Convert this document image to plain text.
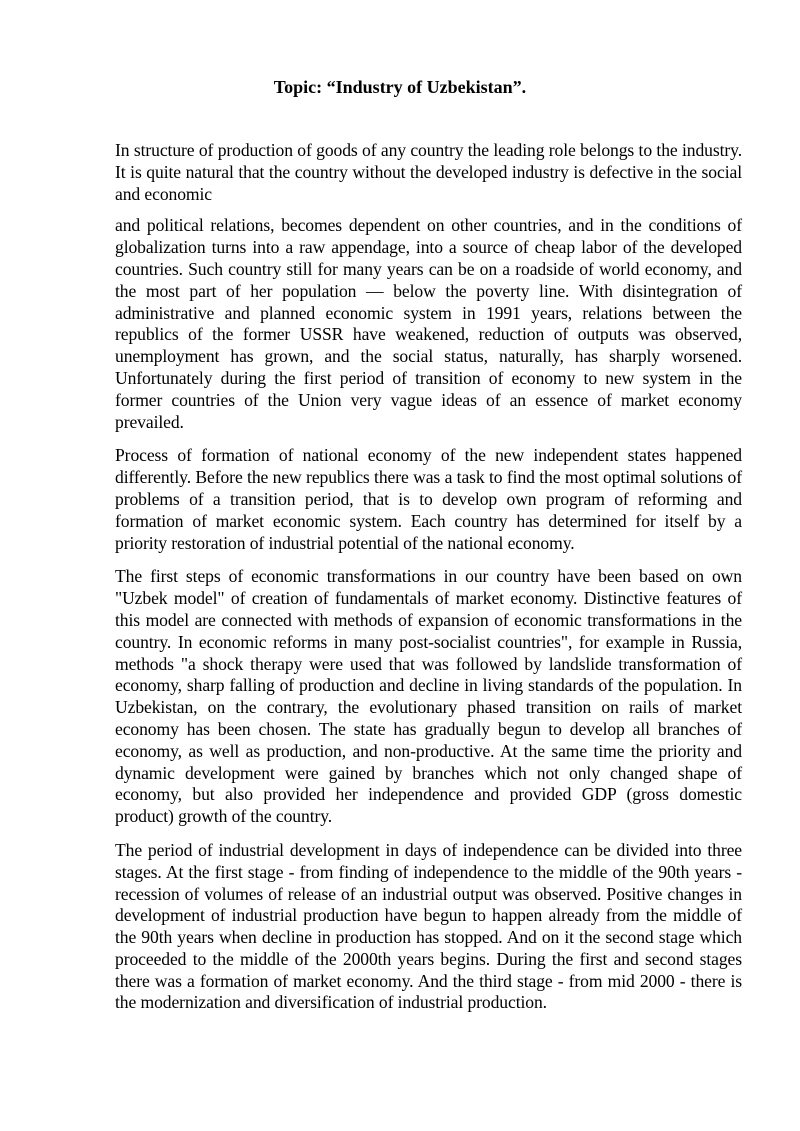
Topic: “Industry of Uzbekistan”.

In structure of production of goods of any country the leading role belongs to the industry. It is quite natural that the country without the developed industry is defective in the social and economic

and political relations, becomes dependent on other countries, and in the conditions of globalization turns into a raw appendage, into a source of cheap labor of the developed countries. Such country still for many years can be on a roadside of world economy, and the most part of her population — below the poverty line. With disintegration of administrative and planned economic system in 1991 years, relations between the republics of the former USSR have weakened, reduction of outputs was observed, unemployment has grown, and the social status, naturally, has sharply worsened. Unfortunately during the first period of transition of economy to new system in the former countries of the Union very vague ideas of an essence of market economy prevailed.

Process of formation of national economy of the new independent states happened differently. Before the new republics there was a task to find the most optimal solutions of problems of a transition period, that is to develop own program of reforming and formation of market economic system. Each country has determined for itself by a priority restoration of industrial potential of the national economy.

The first steps of economic transformations in our country have been based on own "Uzbek model" of creation of fundamentals of market economy. Distinctive features of this model are connected with methods of expansion of economic transformations in the country. In economic reforms in many post-socialist countries", for example in Russia, methods "a shock therapy were used that was followed by landslide transformation of economy, sharp falling of production and decline in living standards of the population. In Uzbekistan, on the contrary, the evolutionary phased transition on rails of market economy has been chosen. The state has gradually begun to develop all branches of economy, as well as production, and non-productive. At the same time the priority and dynamic development were gained by branches which not only changed shape of economy, but also provided her independence and provided GDP (gross domestic product) growth of the country.

The period of industrial development in days of independence can be divided into three stages. At the first stage - from finding of independence to the middle of the 90th years - recession of volumes of release of an industrial output was observed. Positive changes in development of industrial production have begun to happen already from the middle of the 90th years when decline in production has stopped. And on it the second stage which proceeded to the middle of the 2000th years begins. During the first and second stages there was a formation of market economy. And the third stage - from mid 2000 - there is the modernization and diversification of industrial production.
